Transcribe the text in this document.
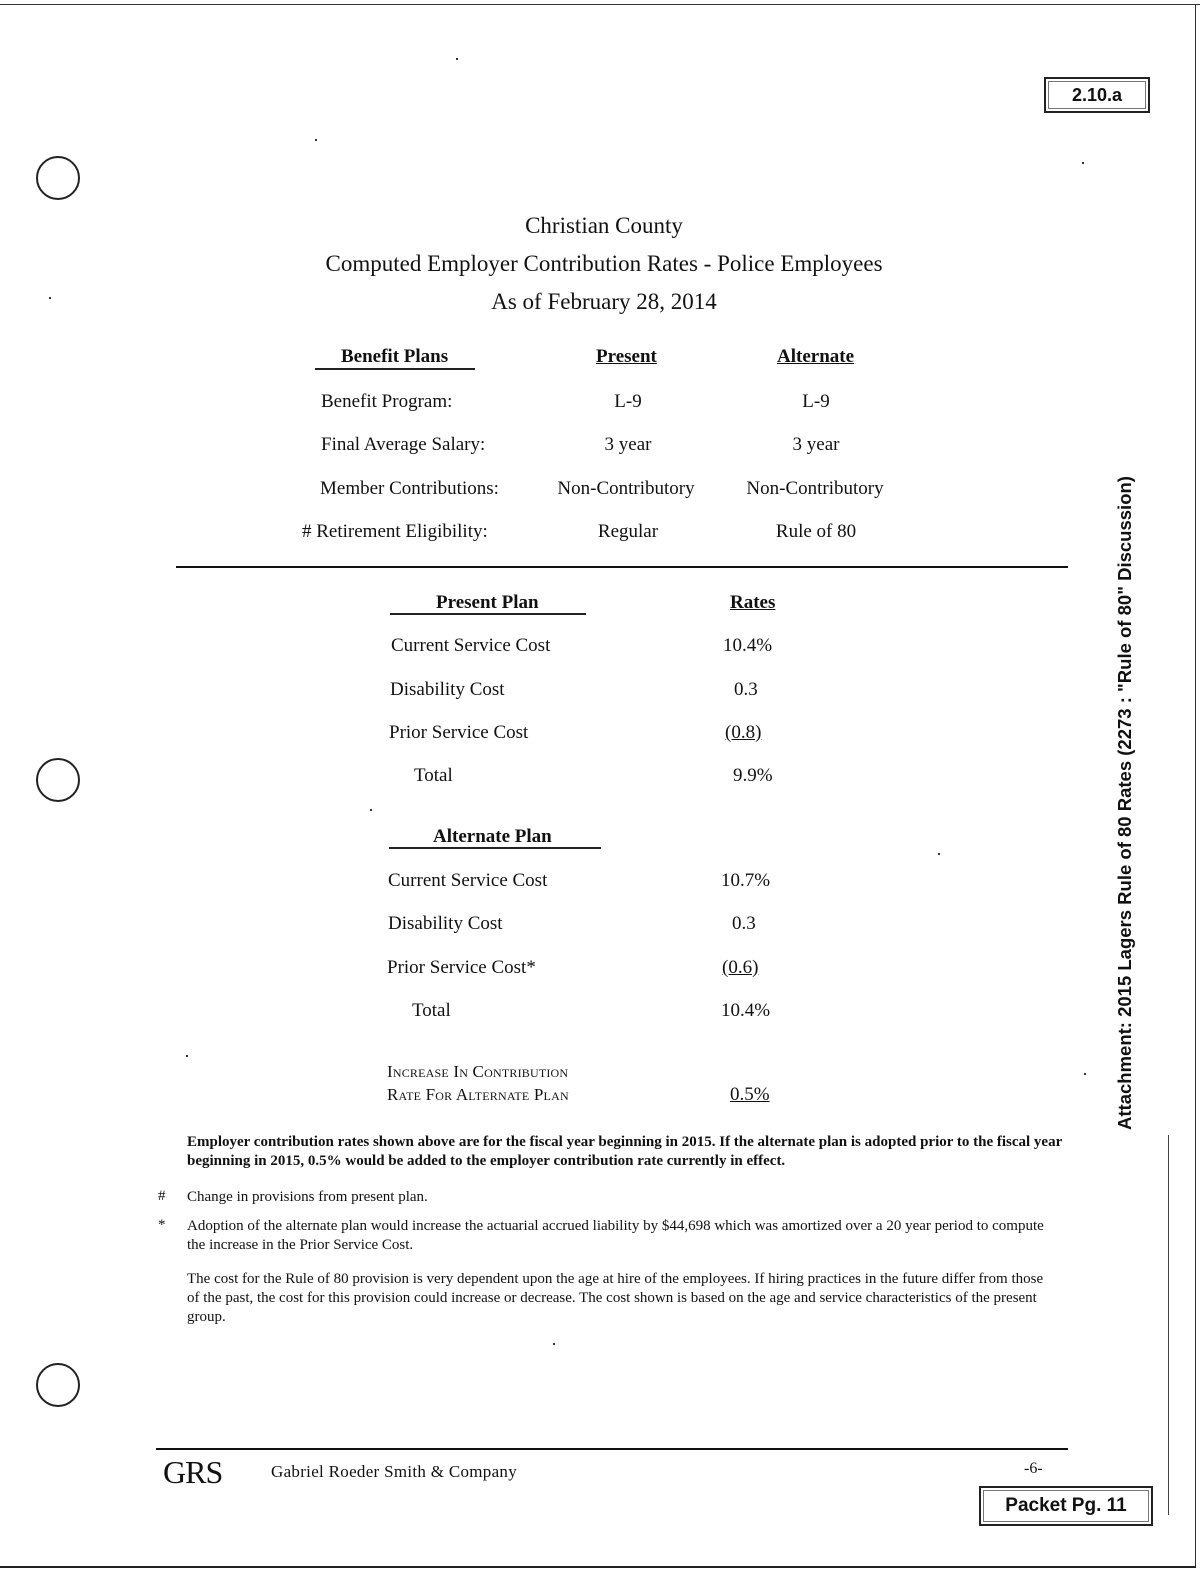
2.10.a
Christian County
Computed Employer Contribution Rates - Police Employees
As of February 28, 2014
Benefit Plans	Present	Alternate
Benefit Program:	L-9	L-9
Final Average Salary:	3 year	3 year
Member Contributions:	Non-Contributory	Non-Contributory
# Retirement Eligibility:	Regular	Rule of 80
Present Plan	Rates
Current Service Cost	10.4%
Disability Cost	0.3
Prior Service Cost	(0.8)
Total	9.9%
Alternate Plan
Current Service Cost	10.7%
Disability Cost	0.3
Prior Service Cost*	(0.6)
Total	10.4%
Increase In Contribution
Rate For Alternate Plan	0.5%
Employer contribution rates shown above are for the fiscal year beginning in 2015. If the alternate plan is adopted prior to the fiscal year beginning in 2015, 0.5% would be added to the employer contribution rate currently in effect.
# Change in provisions from present plan.
* Adoption of the alternate plan would increase the actuarial accrued liability by $44,698 which was amortized over a 20 year period to compute the increase in the Prior Service Cost.
The cost for the Rule of 80 provision is very dependent upon the age at hire of the employees. If hiring practices in the future differ from those of the past, the cost for this provision could increase or decrease. The cost shown is based on the age and service characteristics of the present group.
Attachment: 2015 Lagers Rule of 80 Rates (2273 : "Rule of 80" Discussion)
GRS	Gabriel Roeder Smith & Company	-6-
Packet Pg. 11
